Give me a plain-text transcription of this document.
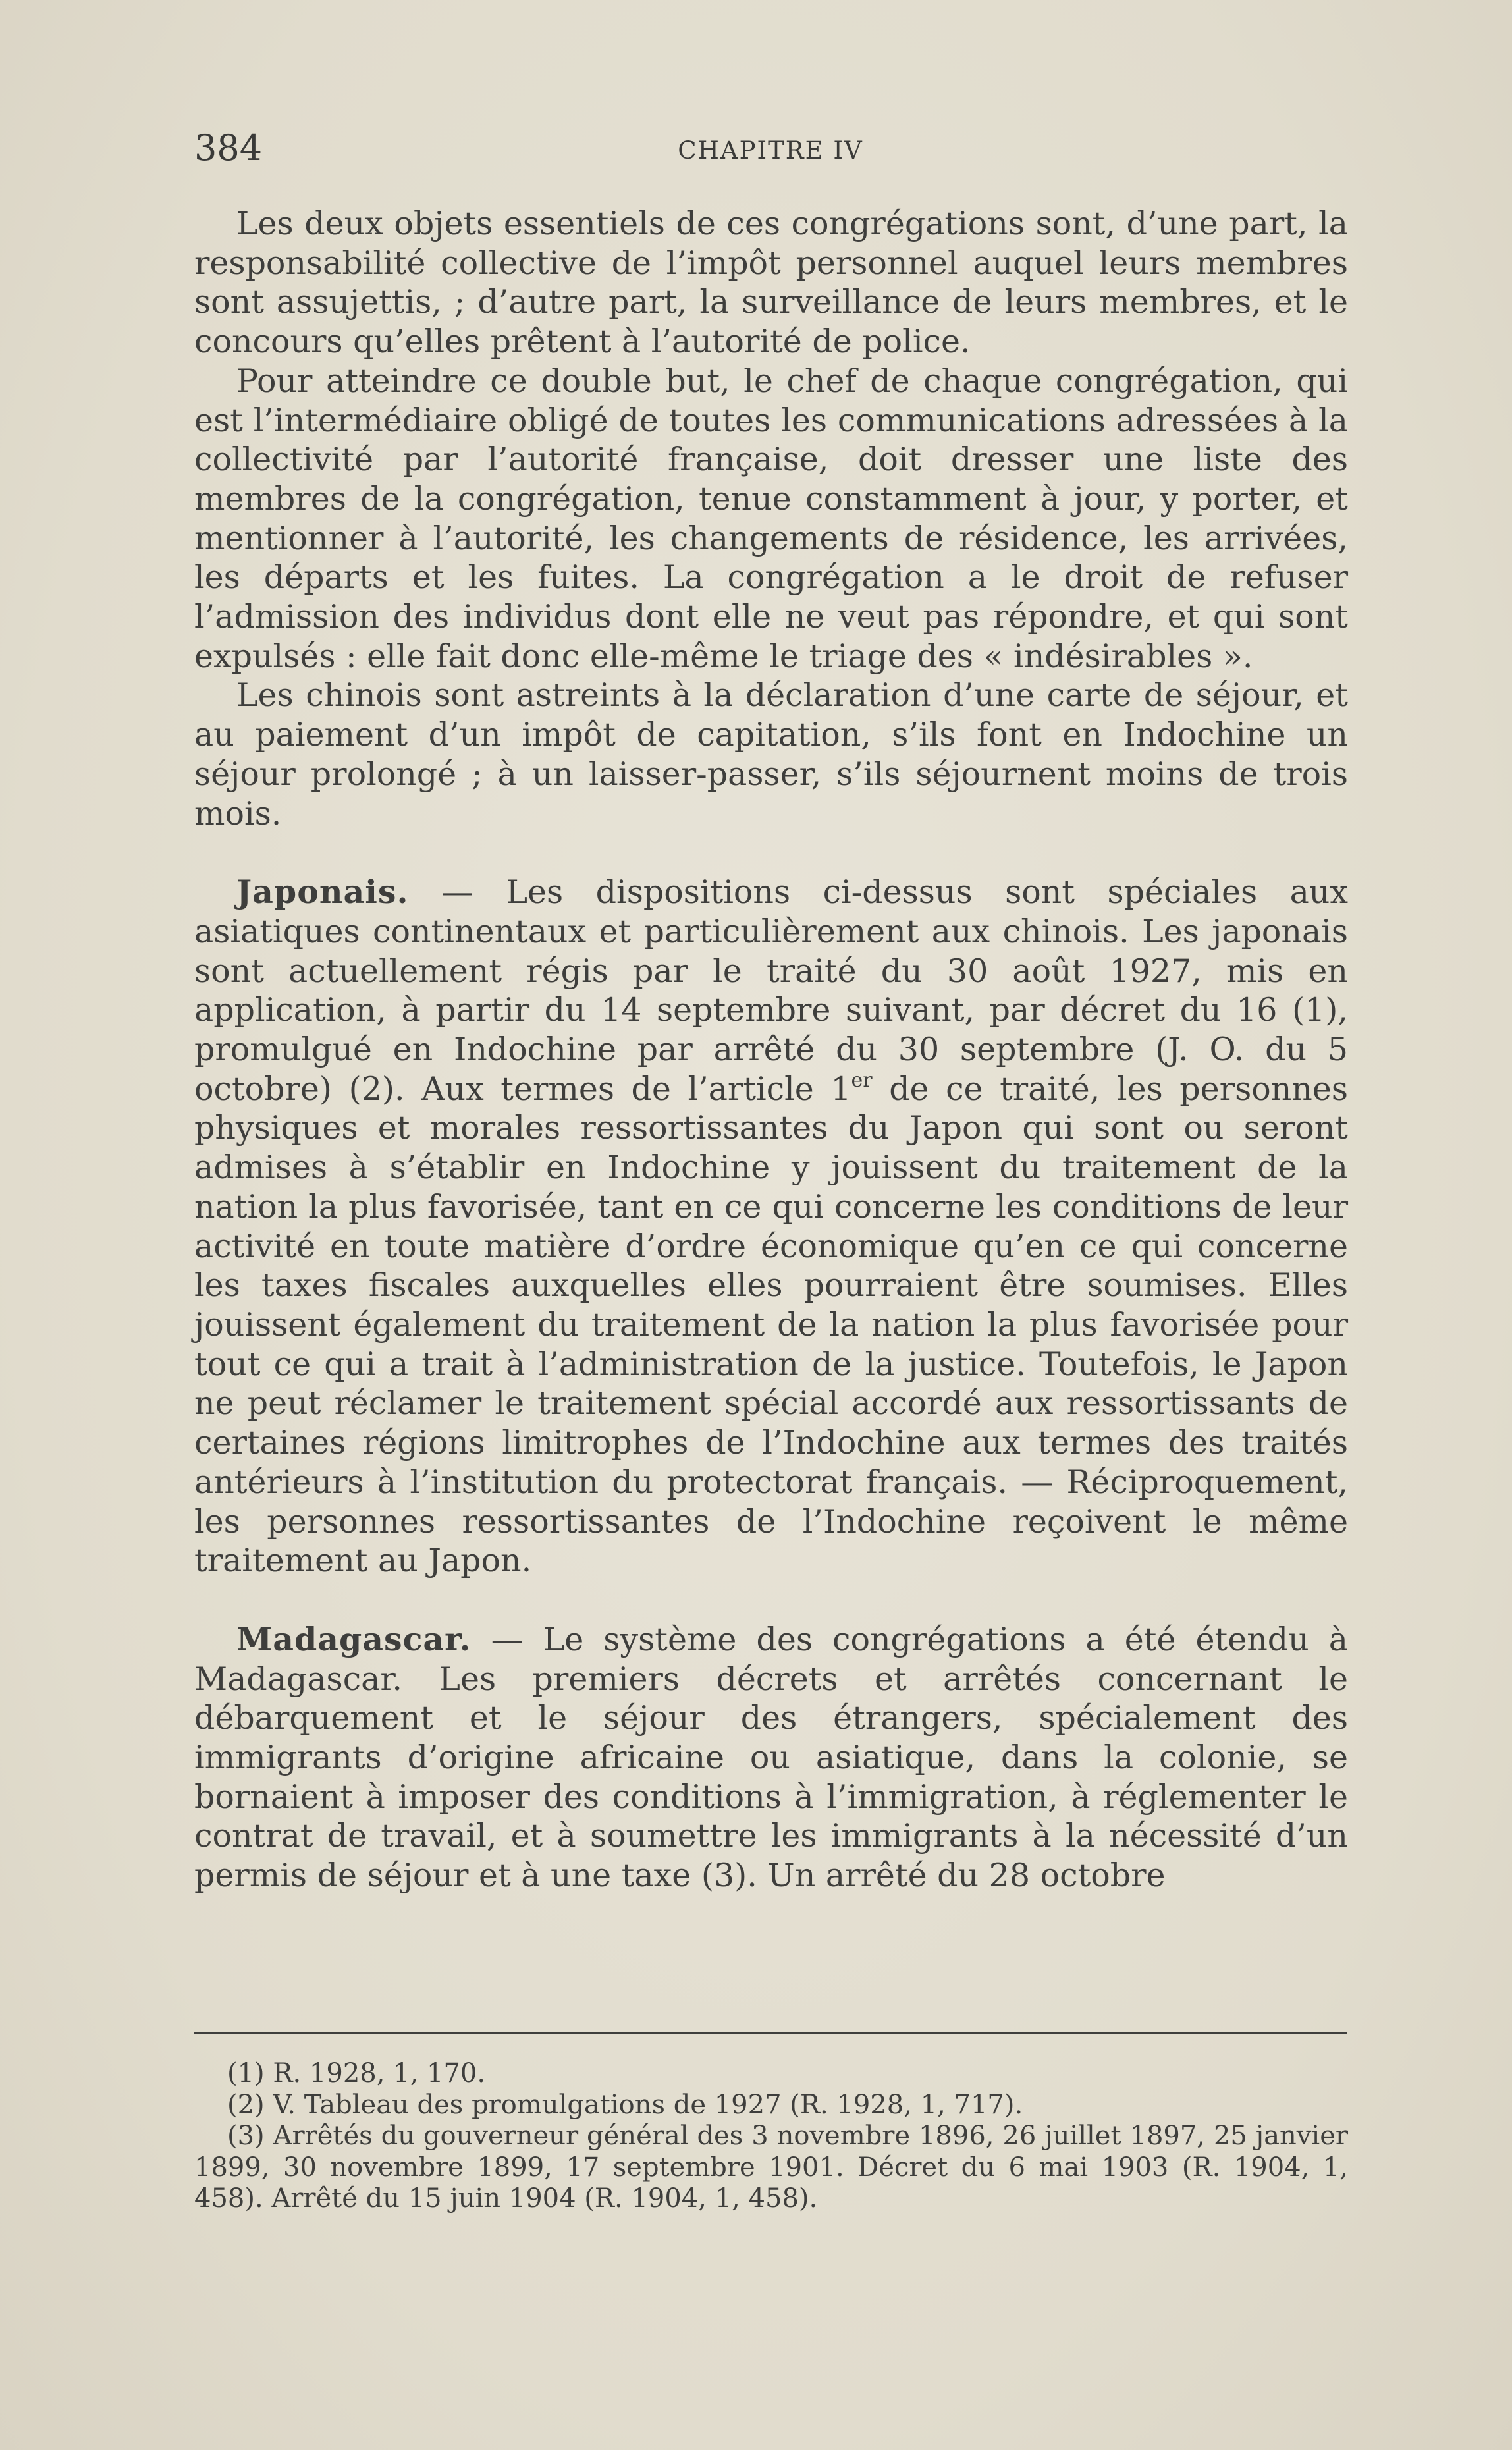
384	CHAPITRE IV

Les deux objets essentiels de ces congrégations sont, d’une part, la responsabilité collective de l’impôt personnel auquel leurs membres sont assujettis, ; d’autre part, la surveillance de leurs membres, et le concours qu’elles prêtent à l’autorité de police.

Pour atteindre ce double but, le chef de chaque congrégation, qui est l’intermédiaire obligé de toutes les communications adressées à la collectivité par l’autorité française, doit dresser une liste des membres de la congrégation, tenue constamment à jour, y porter, et mentionner à l’autorité, les changements de résidence, les arrivées, les départs et les fuites. La congrégation a le droit de refuser l’admission des individus dont elle ne veut pas répondre, et qui sont expulsés : elle fait donc elle-même le triage des « indésirables ».

Les chinois sont astreints à la déclaration d’une carte de séjour, et au paiement d’un impôt de capitation, s’ils font en Indochine un séjour prolongé ; à un laisser-passer, s’ils séjournent moins de trois mois.

Japonais. — Les dispositions ci-dessus sont spéciales aux asiatiques continentaux et particulièrement aux chinois. Les japonais sont actuellement régis par le traité du 30 août 1927, mis en application, à partir du 14 septembre suivant, par décret du 16 (1), promulgué en Indochine par arrêté du 30 septembre (J. O. du 5 octobre) (2). Aux termes de l’article 1er de ce traité, les personnes physiques et morales ressortissantes du Japon qui sont ou seront admises à s’établir en Indochine y jouissent du traitement de la nation la plus favorisée, tant en ce qui concerne les conditions de leur activité en toute matière d’ordre économique qu’en ce qui concerne les taxes fiscales auxquelles elles pourraient être soumises. Elles jouissent également du traitement de la nation la plus favorisée pour tout ce qui a trait à l’administration de la justice. Toutefois, le Japon ne peut réclamer le traitement spécial accordé aux ressortissants de certaines régions limitrophes de l’Indochine aux termes des traités antérieurs à l’institution du protectorat français. — Réciproquement, les personnes ressortissantes de l’Indochine reçoivent le même traitement au Japon.

Madagascar. — Le système des congrégations a été étendu à Madagascar. Les premiers décrets et arrêtés concernant le débarquement et le séjour des étrangers, spécialement des immigrants d’origine africaine ou asiatique, dans la colonie, se bornaient à imposer des conditions à l’immigration, à réglementer le contrat de travail, et à soumettre les immigrants à la nécessité d’un permis de séjour et à une taxe (3). Un arrêté du 28 octobre

(1) R. 1928, 1, 170.

(2) V. Tableau des promulgations de 1927 (R. 1928, 1, 717).

(3) Arrêtés du gouverneur général des 3 novembre 1896, 26 juillet 1897, 25 janvier 1899, 30 novembre 1899, 17 septembre 1901. Décret du 6 mai 1903 (R. 1904, 1, 458). Arrêté du 15 juin 1904 (R. 1904, 1, 458).
